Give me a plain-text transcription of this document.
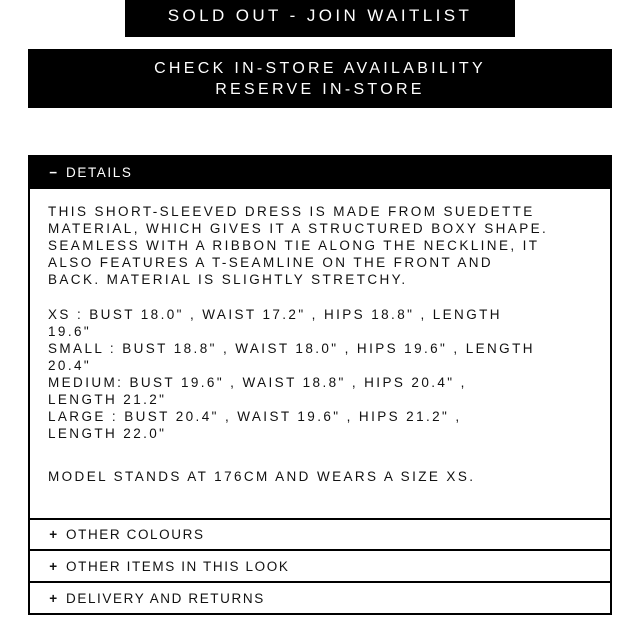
SOLD OUT - JOIN WAITLIST
CHECK IN-STORE AVAILABILITY
RESERVE IN-STORE
− DETAILS
THIS SHORT-SLEEVED DRESS IS MADE FROM SUEDETTE
MATERIAL, WHICH GIVES IT A STRUCTURED BOXY SHAPE.
SEAMLESS WITH A RIBBON TIE ALONG THE NECKLINE, IT
ALSO FEATURES A T-SEAMLINE ON THE FRONT AND
BACK. MATERIAL IS SLIGHTLY STRETCHY.
XS : BUST 18.0" , WAIST 17.2" , HIPS 18.8" , LENGTH
19.6"
SMALL : BUST 18.8" , WAIST 18.0" , HIPS 19.6" , LENGTH
20.4"
MEDIUM: BUST 19.6" , WAIST 18.8" , HIPS 20.4" ,
LENGTH 21.2"
LARGE : BUST 20.4" , WAIST 19.6" , HIPS 21.2" ,
LENGTH 22.0"
MODEL STANDS AT 176CM AND WEARS A SIZE XS.
+ OTHER COLOURS
+ OTHER ITEMS IN THIS LOOK
+ DELIVERY AND RETURNS
